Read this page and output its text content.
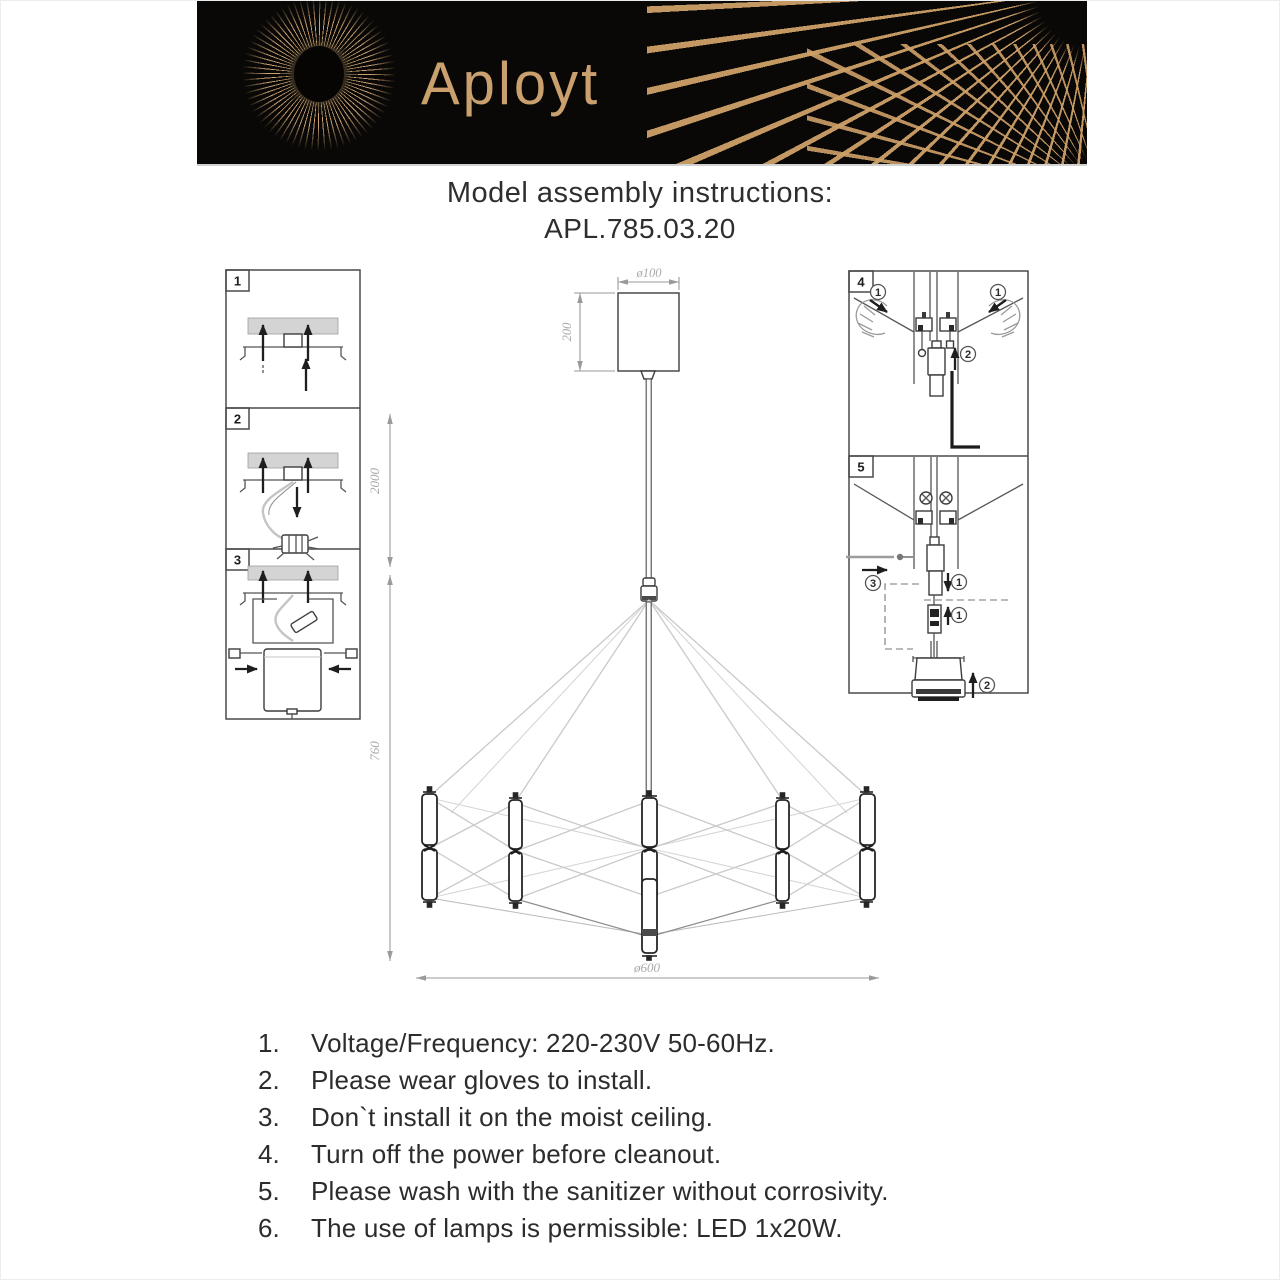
Aployt
Model assembly instructions:
APL.785.03.20
1
2
3
2000
760
ø100
200
ø600
4
5
1	1
2
3	1
1
2
1.	Voltage/Frequency: 220-230V 50-60Hz.
2.	Please wear gloves to install.
3.	Don`t install it on the moist ceiling.
4.	Turn off the power before cleanout.
5.	Please wash with the sanitizer without corrosivity.
6.	The use of lamps is permissible: LED 1x20W.
